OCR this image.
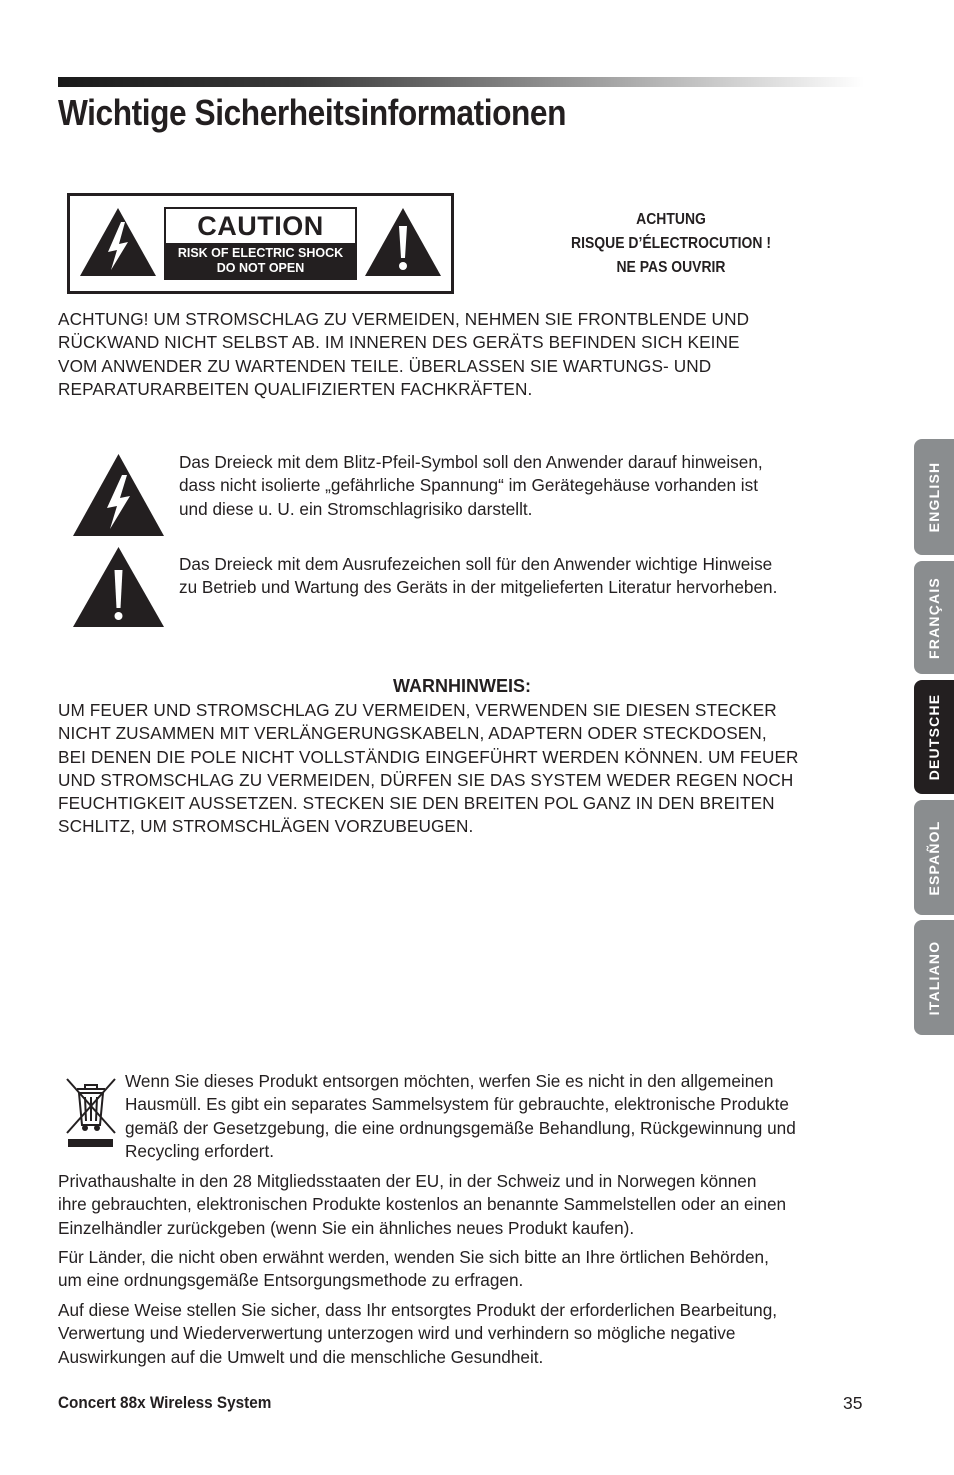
Wichtige Sicherheitsinformationen
CAUTION
RISK OF ELECTRIC SHOCK
DO NOT OPEN
ACHTUNG
RISQUE D’ÉLECTROCUTION !
NE PAS OUVRIR
ACHTUNG! UM STROMSCHLAG ZU VERMEIDEN, NEHMEN SIE FRONTBLENDE UND
RÜCKWAND NICHT SELBST AB. IM INNEREN DES GERÄTS BEFINDEN SICH KEINE
VOM ANWENDER ZU WARTENDEN TEILE. ÜBERLASSEN SIE WARTUNGS- UND
REPARATURARBEITEN QUALIFIZIERTEN FACHKRÄFTEN.
Das Dreieck mit dem Blitz-Pfeil-Symbol soll den Anwender darauf hinweisen,
dass nicht isolierte „gefährliche Spannung“ im Gerätegehäuse vorhanden ist
und diese u. U. ein Stromschlagrisiko darstellt.
Das Dreieck mit dem Ausrufezeichen soll für den Anwender wichtige Hinweise
zu Betrieb und Wartung des Geräts in der mitgelieferten Literatur hervorheben.
WARNHINWEIS:
UM FEUER UND STROMSCHLAG ZU VERMEIDEN, VERWENDEN SIE DIESEN STECKER
NICHT ZUSAMMEN MIT VERLÄNGERUNGSKABELN, ADAPTERN ODER STECKDOSEN,
BEI DENEN DIE POLE NICHT VOLLSTÄNDIG EINGEFÜHRT WERDEN KÖNNEN. UM FEUER
UND STROMSCHLAG ZU VERMEIDEN, DÜRFEN SIE DAS SYSTEM WEDER REGEN NOCH
FEUCHTIGKEIT AUSSETZEN. STECKEN SIE DEN BREITEN POL GANZ IN DEN BREITEN
SCHLITZ, UM STROMSCHLÄGEN VORZUBEUGEN.
Wenn Sie dieses Produkt entsorgen möchten, werfen Sie es nicht in den allgemeinen
Hausmüll. Es gibt ein separates Sammelsystem für gebrauchte, elektronische Produkte
gemäß der Gesetzgebung, die eine ordnungsgemäße Behandlung, Rückgewinnung und
Recycling erfordert.
Privathaushalte in den 28 Mitgliedsstaaten der EU, in der Schweiz und in Norwegen können
ihre gebrauchten, elektronischen Produkte kostenlos an benannte Sammelstellen oder an einen
Einzelhändler zurückgeben (wenn Sie ein ähnliches neues Produkt kaufen).
Für Länder, die nicht oben erwähnt werden, wenden Sie sich bitte an Ihre örtlichen Behörden,
um eine ordnungsgemäße Entsorgungsmethode zu erfragen.
Auf diese Weise stellen Sie sicher, dass Ihr entsorgtes Produkt der erforderlichen Bearbeitung,
Verwertung und Wiederverwertung unterzogen wird und verhindern so mögliche negative
Auswirkungen auf die Umwelt und die menschliche Gesundheit.
Concert 88x Wireless System	35
ENGLISH
FRANÇAIS
DEUTSCHE
ESPAÑOL
ITALIANO
